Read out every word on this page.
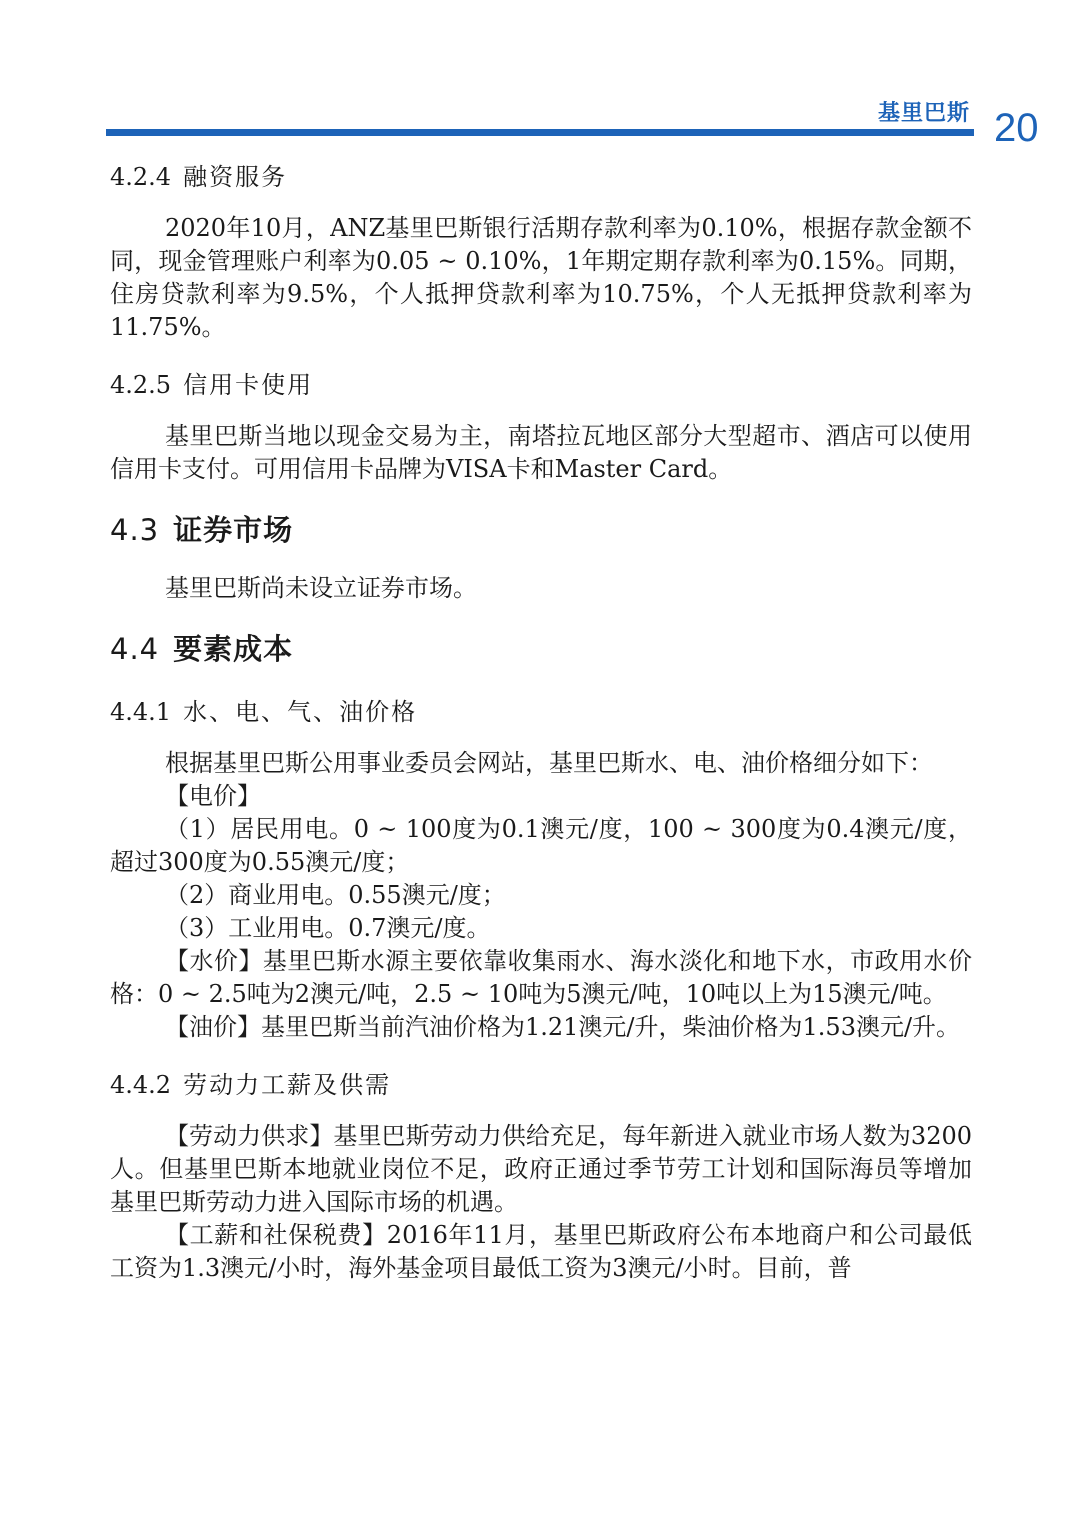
基里巴斯 20
4.2.4 融资服务

2020年10月，ANZ基里巴斯银行活期存款利率为0.10%，根据存款金额不同，现金管理账户利率为0.05 ~ 0.10%，1年期定期存款利率为0.15%。同期，住房贷款利率为9.5%，个人抵押贷款利率为10.75%，个人无抵押贷款利率为11.75%。

4.2.5 信用卡使用

基里巴斯当地以现金交易为主，南塔拉瓦地区部分大型超市、酒店可以使用信用卡支付。可用信用卡品牌为VISA卡和Master Card。

4.3 证券市场

基里巴斯尚未设立证券市场。

4.4 要素成本
4.4.1 水、电、气、油价格

根据基里巴斯公用事业委员会网站，基里巴斯水、电、油价格细分如下：

【电价】

（1）居民用电。0 ~ 100度为0.1澳元/度，100 ~ 300度为0.4澳元/度，超过300度为0.55澳元/度；

（2）商业用电。0.55澳元/度；

（3）工业用电。0.7澳元/度。

【水价】基里巴斯水源主要依靠收集雨水、海水淡化和地下水，市政用水价格：0 ~ 2.5吨为2澳元/吨，2.5 ~ 10吨为5澳元/吨，10吨以上为15澳元/吨。

【油价】基里巴斯当前汽油价格为1.21澳元/升，柴油价格为1.53澳元/升。

4.4.2 劳动力工薪及供需

【劳动力供求】基里巴斯劳动力供给充足，每年新进入就业市场人数为3200人。但基里巴斯本地就业岗位不足，政府正通过季节劳工计划和国际海员等增加基里巴斯劳动力进入国际市场的机遇。

【工薪和社保税费】2016年11月，基里巴斯政府公布本地商户和公司最低工资为1.3澳元/小时，海外基金项目最低工资为3澳元/小时。目前，普
